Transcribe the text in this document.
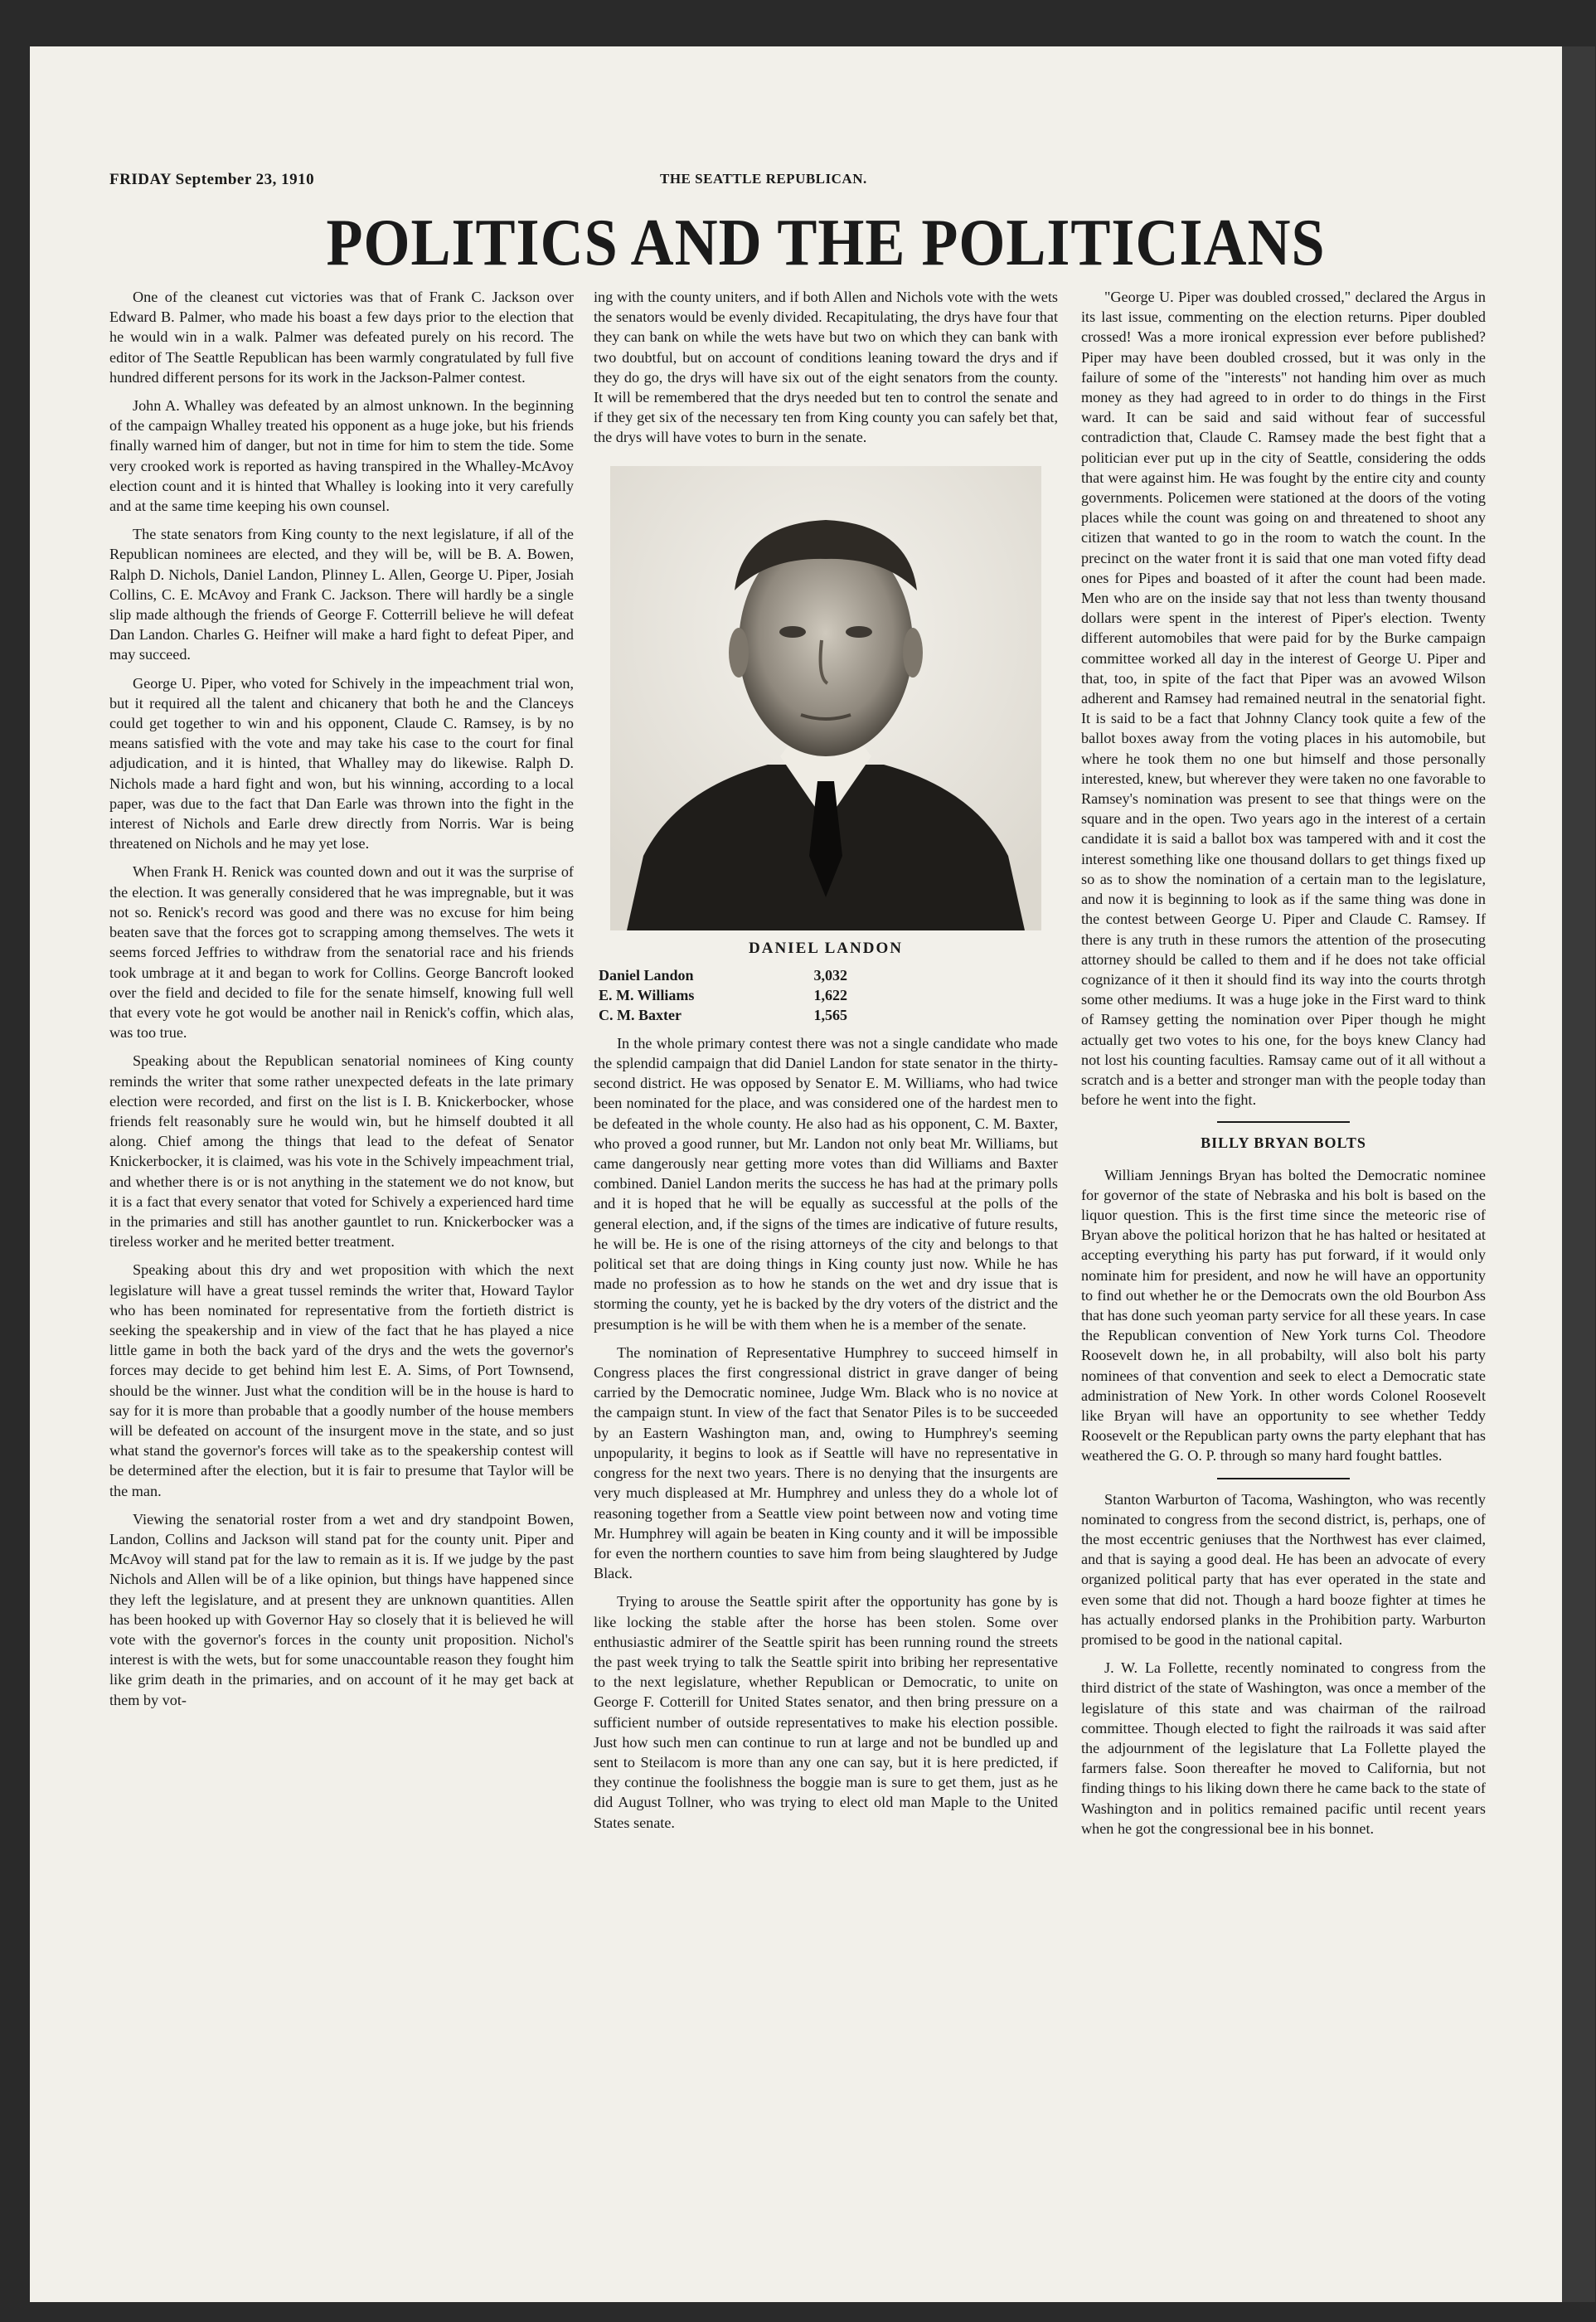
FRIDAY September 23, 1910	THE SEATTLE REPUBLICAN.
POLITICS AND THE POLITICIANS

One of the cleanest cut victories was that of Frank C. Jackson over Edward B. Palmer, who made his boast a few days prior to the election that he would win in a walk. Palmer was defeated purely on his record. The editor of The Seattle Republican has been warmly congratulated by full five hundred different persons for its work in the Jackson-Palmer contest.

John A. Whalley was defeated by an almost unknown. In the beginning of the campaign Whalley treated his opponent as a huge joke, but his friends finally warned him of danger, but not in time for him to stem the tide. Some very crooked work is reported as having transpired in the Whalley-McAvoy election count and it is hinted that Whalley is looking into it very carefully and at the same time keeping his own counsel.

The state senators from King county to the next legislature, if all of the Republican nominees are elected, and they will be, will be B. A. Bowen, Ralph D. Nichols, Daniel Landon, Plinney L. Allen, George U. Piper, Josiah Collins, C. E. McAvoy and Frank C. Jackson. There will hardly be a single slip made although the friends of George F. Cotterrill believe he will defeat Dan Landon. Charles G. Heifner will make a hard fight to defeat Piper, and may succeed.

George U. Piper, who voted for Schively in the impeachment trial won, but it required all the talent and chicanery that both he and the Clanceys could get together to win and his opponent, Claude C. Ramsey, is by no means satisfied with the vote and may take his case to the court for final adjudication, and it is hinted, that Whalley may do likewise. Ralph D. Nichols made a hard fight and won, but his winning, according to a local paper, was due to the fact that Dan Earle was thrown into the fight in the interest of Nichols and Earle drew directly from Norris. War is being threatened on Nichols and he may yet lose.

When Frank H. Renick was counted down and out it was the surprise of the election. It was generally considered that he was impregnable, but it was not so. Renick's record was good and there was no excuse for him being beaten save that the forces got to scrapping among themselves. The wets it seems forced Jeffries to withdraw from the senatorial race and his friends took umbrage at it and began to work for Collins. George Bancroft looked over the field and decided to file for the senate himself, knowing full well that every vote he got would be another nail in Renick's coffin, which alas, was too true.

Speaking about the Republican senatorial nominees of King county reminds the writer that some rather unexpected defeats in the late primary election were recorded, and first on the list is I. B. Knickerbocker, whose friends felt reasonably sure he would win, but he himself doubted it all along. Chief among the things that lead to the defeat of Senator Knickerbocker, it is claimed, was his vote in the Schively impeachment trial, and whether there is or is not anything in the statement we do not know, but it is a fact that every senator that voted for Schively a experienced hard time in the primaries and still has another gauntlet to run. Knickerbocker was a tireless worker and he merited better treatment.

Speaking about this dry and wet proposition with which the next legislature will have a great tussel reminds the writer that, Howard Taylor who has been nominated for representative from the fortieth district is seeking the speakership and in view of the fact that he has played a nice little game in both the back yard of the drys and the wets the governor's forces may decide to get behind him lest E. A. Sims, of Port Townsend, should be the winner. Just what the condition will be in the house is hard to say for it is more than probable that a goodly number of the house members will be defeated on account of the insurgent move in the state, and so just what stand the governor's forces will take as to the speakership contest will be determined after the election, but it is fair to presume that Taylor will be the man.

Viewing the senatorial roster from a wet and dry standpoint Bowen, Landon, Collins and Jackson will stand pat for the county unit. Piper and McAvoy will stand pat for the law to remain as it is. If we judge by the past Nichols and Allen will be of a like opinion, but things have happened since they left the legislature, and at present they are unknown quantities. Allen has been hooked up with Governor Hay so closely that it is believed he will vote with the governor's forces in the county unit proposition. Nichol's interest is with the wets, but for some unaccountable reason they fought him like grim death in the primaries, and on account of it he may get back at them by vot-

ing with the county uniters, and if both Allen and Nichols vote with the wets the senators would be evenly divided. Recapitulating, the drys have four that they can bank on while the wets have but two on which they can bank with two doubtful, but on account of conditions leaning toward the drys and if they do go, the drys will have six out of the eight senators from the county. It will be remembered that the drys needed but ten to control the senate and if they get six of the necessary ten from King county you can safely bet that, the drys will have votes to burn in the senate.

DANIEL LANDON
Daniel Landon	3,032
E. M. Williams	1,622
C. M. Baxter	1,565

In the whole primary contest there was not a single candidate who made the splendid campaign that did Daniel Landon for state senator in the thirty-second district. He was opposed by Senator E. M. Williams, who had twice been nominated for the place, and was considered one of the hardest men to be defeated in the whole county. He also had as his opponent, C. M. Baxter, who proved a good runner, but Mr. Landon not only beat Mr. Williams, but came dangerously near getting more votes than did Williams and Baxter combined. Daniel Landon merits the success he has had at the primary polls and it is hoped that he will be equally as successful at the polls of the general election, and, if the signs of the times are indicative of future results, he will be. He is one of the rising attorneys of the city and belongs to that political set that are doing things in King county just now. While he has made no profession as to how he stands on the wet and dry issue that is storming the county, yet he is backed by the dry voters of the district and the presumption is he will be with them when he is a member of the senate.

The nomination of Representative Humphrey to succeed himself in Congress places the first congressional district in grave danger of being carried by the Democratic nominee, Judge Wm. Black who is no novice at the campaign stunt. In view of the fact that Senator Piles is to be succeeded by an Eastern Washington man, and, owing to Humphrey's seeming unpopularity, it begins to look as if Seattle will have no representative in congress for the next two years. There is no denying that the insurgents are very much displeased at Mr. Humphrey and unless they do a whole lot of reasoning together from a Seattle view point between now and voting time Mr. Humphrey will again be beaten in King county and it will be impossible for even the northern counties to save him from being slaughtered by Judge Black.

Trying to arouse the Seattle spirit after the opportunity has gone by is like locking the stable after the horse has been stolen. Some over enthusiastic admirer of the Seattle spirit has been running round the streets the past week trying to talk the Seattle spirit into bribing her representative to the next legislature, whether Republican or Democratic, to unite on George F. Cotterill for United States senator, and then bring pressure on a sufficient number of outside representatives to make his election possible. Just how such men can continue to run at large and not be bundled up and sent to Steilacom is more than any one can say, but it is here predicted, if they continue the foolishness the boggie man is sure to get them, just as he did August Tollner, who was trying to elect old man Maple to the United States senate.

"George U. Piper was doubled crossed," declared the Argus in its last issue, commenting on the election returns. Piper doubled crossed! Was a more ironical expression ever before published? Piper may have been doubled crossed, but it was only in the failure of some of the "interests" not handing him over as much money as they had agreed to in order to do things in the First ward. It can be said and said without fear of successful contradiction that, Claude C. Ramsey made the best fight that a politician ever put up in the city of Seattle, considering the odds that were against him. He was fought by the entire city and county governments. Policemen were stationed at the doors of the voting places while the count was going on and threatened to shoot any citizen that wanted to go in the room to watch the count. In the precinct on the water front it is said that one man voted fifty dead ones for Pipes and boasted of it after the count had been made. Men who are on the inside say that not less than twenty thousand dollars were spent in the interest of Piper's election. Twenty different automobiles that were paid for by the Burke campaign committee worked all day in the interest of George U. Piper and that, too, in spite of the fact that Piper was an avowed Wilson adherent and Ramsey had remained neutral in the senatorial fight. It is said to be a fact that Johnny Clancy took quite a few of the ballot boxes away from the voting places in his automobile, but where he took them no one but himself and those personally interested, knew, but wherever they were taken no one favorable to Ramsey's nomination was present to see that things were on the square and in the open. Two years ago in the interest of a certain candidate it is said a ballot box was tampered with and it cost the interest something like one thousand dollars to get things fixed up so as to show the nomination of a certain man to the legislature, and now it is beginning to look as if the same thing was done in the contest between George U. Piper and Claude C. Ramsey. If there is any truth in these rumors the attention of the prosecuting attorney should be called to them and if he does not take official cognizance of it then it should find its way into the courts throtgh some other mediums. It was a huge joke in the First ward to think of Ramsey getting the nomination over Piper though he might actually get two votes to his one, for the boys knew Clancy had not lost his counting faculties. Ramsay came out of it all without a scratch and is a better and stronger man with the people today than before he went into the fight.

BILLY BRYAN BOLTS

William Jennings Bryan has bolted the Democratic nominee for governor of the state of Nebraska and his bolt is based on the liquor question. This is the first time since the meteoric rise of Bryan above the political horizon that he has halted or hesitated at accepting everything his party has put forward, if it would only nominate him for president, and now he will have an opportunity to find out whether he or the Democrats own the old Bourbon Ass that has done such yeoman party service for all these years. In case the Republican convention of New York turns Col. Theodore Roosevelt down he, in all probabilty, will also bolt his party nominees of that convention and seek to elect a Democratic state administration of New York. In other words Colonel Roosevelt like Bryan will have an opportunity to see whether Teddy Roosevelt or the Republican party owns the party elephant that has weathered the G. O. P. through so many hard fought battles.

Stanton Warburton of Tacoma, Washington, who was recently nominated to congress from the second district, is, perhaps, one of the most eccentric geniuses that the Northwest has ever claimed, and that is saying a good deal. He has been an advocate of every organized political party that has ever operated in the state and even some that did not. Though a hard booze fighter at times he has actually endorsed planks in the Prohibition party. Warburton promised to be good in the national capital.

J. W. La Follette, recently nominated to congress from the third district of the state of Washington, was once a member of the legislature of this state and was chairman of the railroad committee. Though elected to fight the railroads it was said after the adjournment of the legislature that La Follette played the farmers false. Soon thereafter he moved to California, but not finding things to his liking down there he came back to the state of Washington and in politics remained pacific until recent years when he got the congressional bee in his bonnet.
